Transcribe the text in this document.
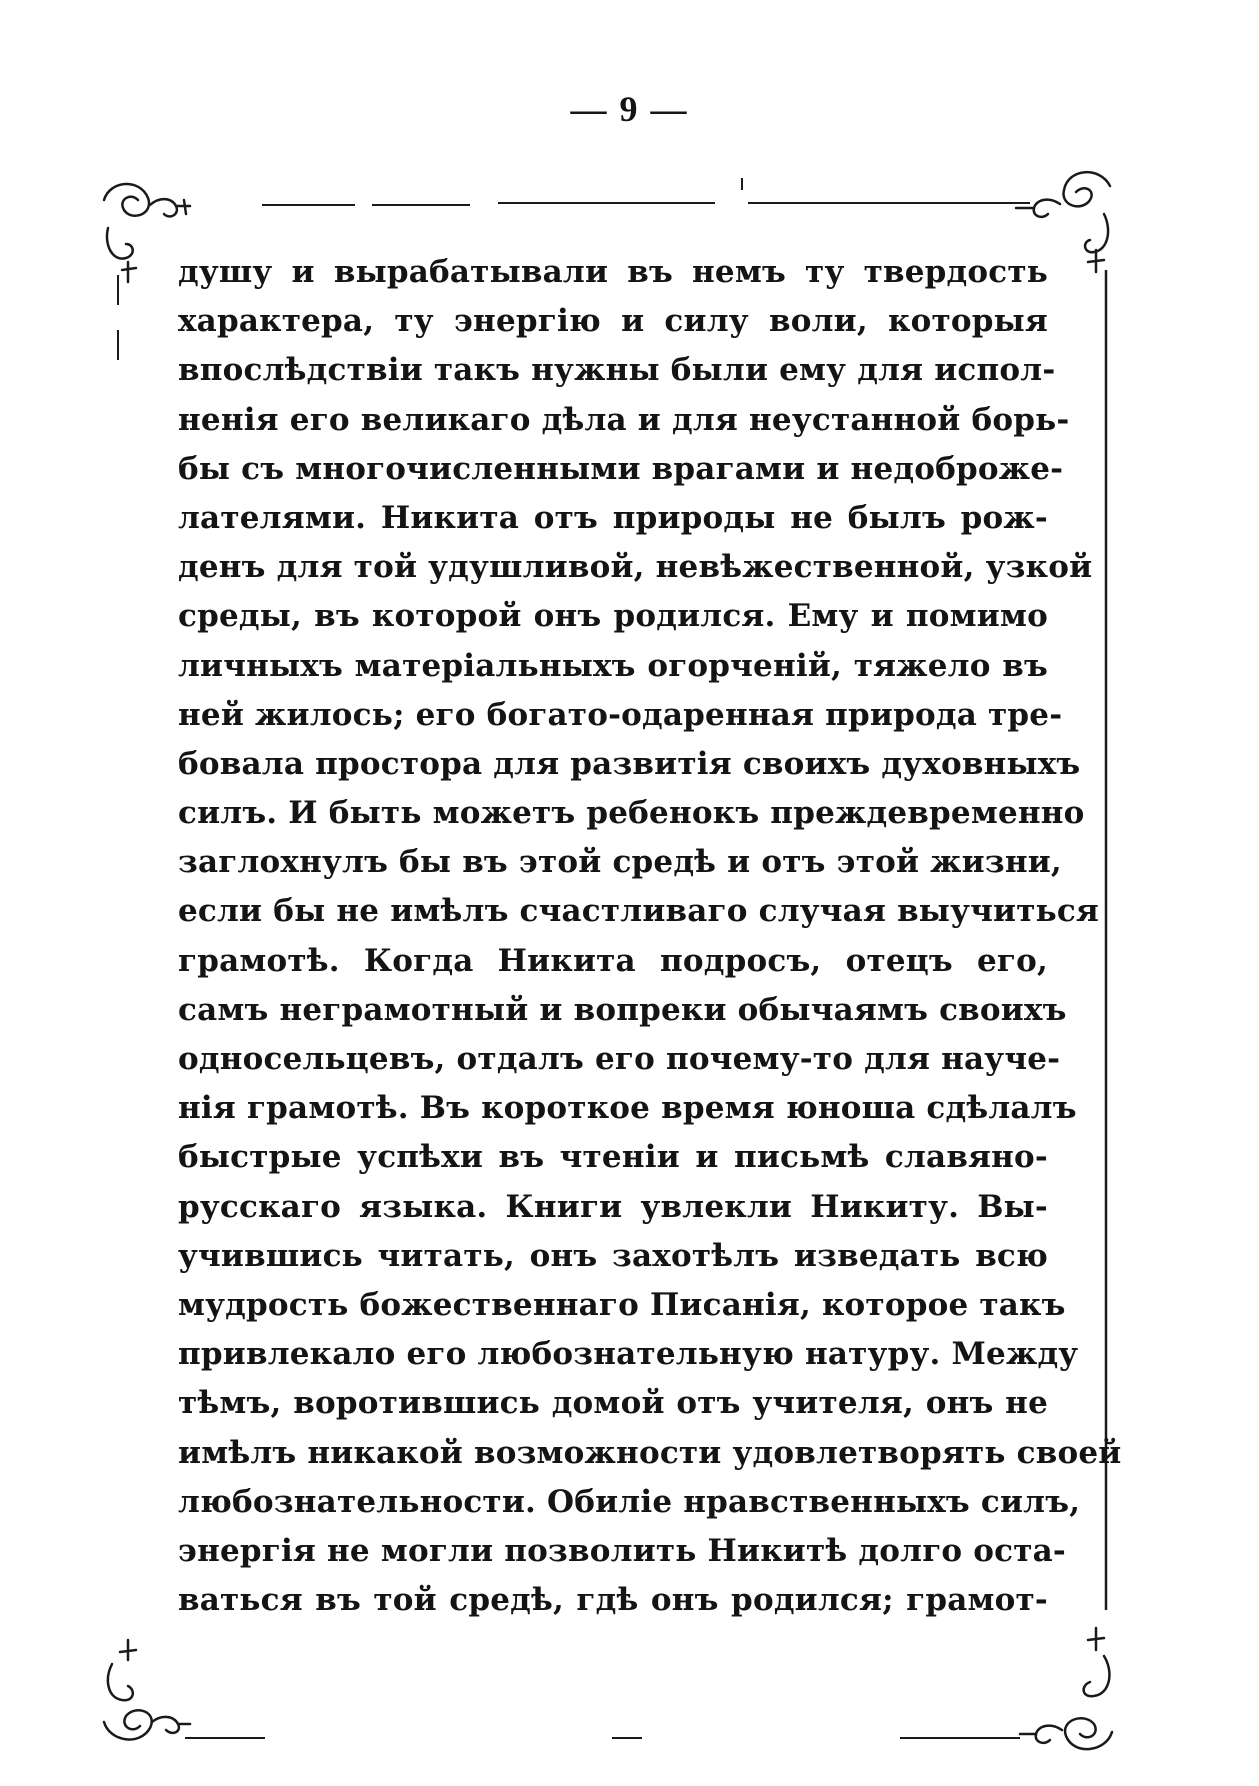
— 9 —
душу и вырабатывали въ немъ ту твердость
характера, ту энергію и силу воли, которыя
впослѣдствіи такъ нужны были ему для испол-
ненія его великаго дѣла и для неустанной борь-
бы съ многочисленными врагами и недоброже-
лателями. Никита отъ природы не былъ рож-
денъ для той удушливой, невѣжественной, узкой
среды, въ которой онъ родился. Ему и помимо
личныхъ матеріальныхъ огорченій, тяжело въ
ней жилось; его богато-одаренная природа тре-
бовала простора для развитія своихъ духовныхъ
силъ. И быть можетъ ребенокъ преждевременно
заглохнулъ бы въ этой средѣ и отъ этой жизни,
если бы не имѣлъ счастливаго случая выучиться
грамотѣ. Когда Никита подросъ, отецъ его,
самъ неграмотный и вопреки обычаямъ своихъ
односельцевъ, отдалъ его почему-то для науче-
нія грамотѣ. Въ короткое время юноша сдѣлалъ
быстрые успѣхи въ чтеніи и письмѣ славяно-
русскаго языка. Книги увлекли Никиту. Вы-
учившись читать, онъ захотѣлъ изведать всю
мудрость божественнаго Писанія, которое такъ
привлекало его любознательную натуру. Между
тѣмъ, воротившись домой отъ учителя, онъ не
имѣлъ никакой возможности удовлетворять своей
любознательности. Обиліе нравственныхъ силъ,
энергія не могли позволить Никитѣ долго оста-
ваться въ той средѣ, гдѣ онъ родился; грамот-
